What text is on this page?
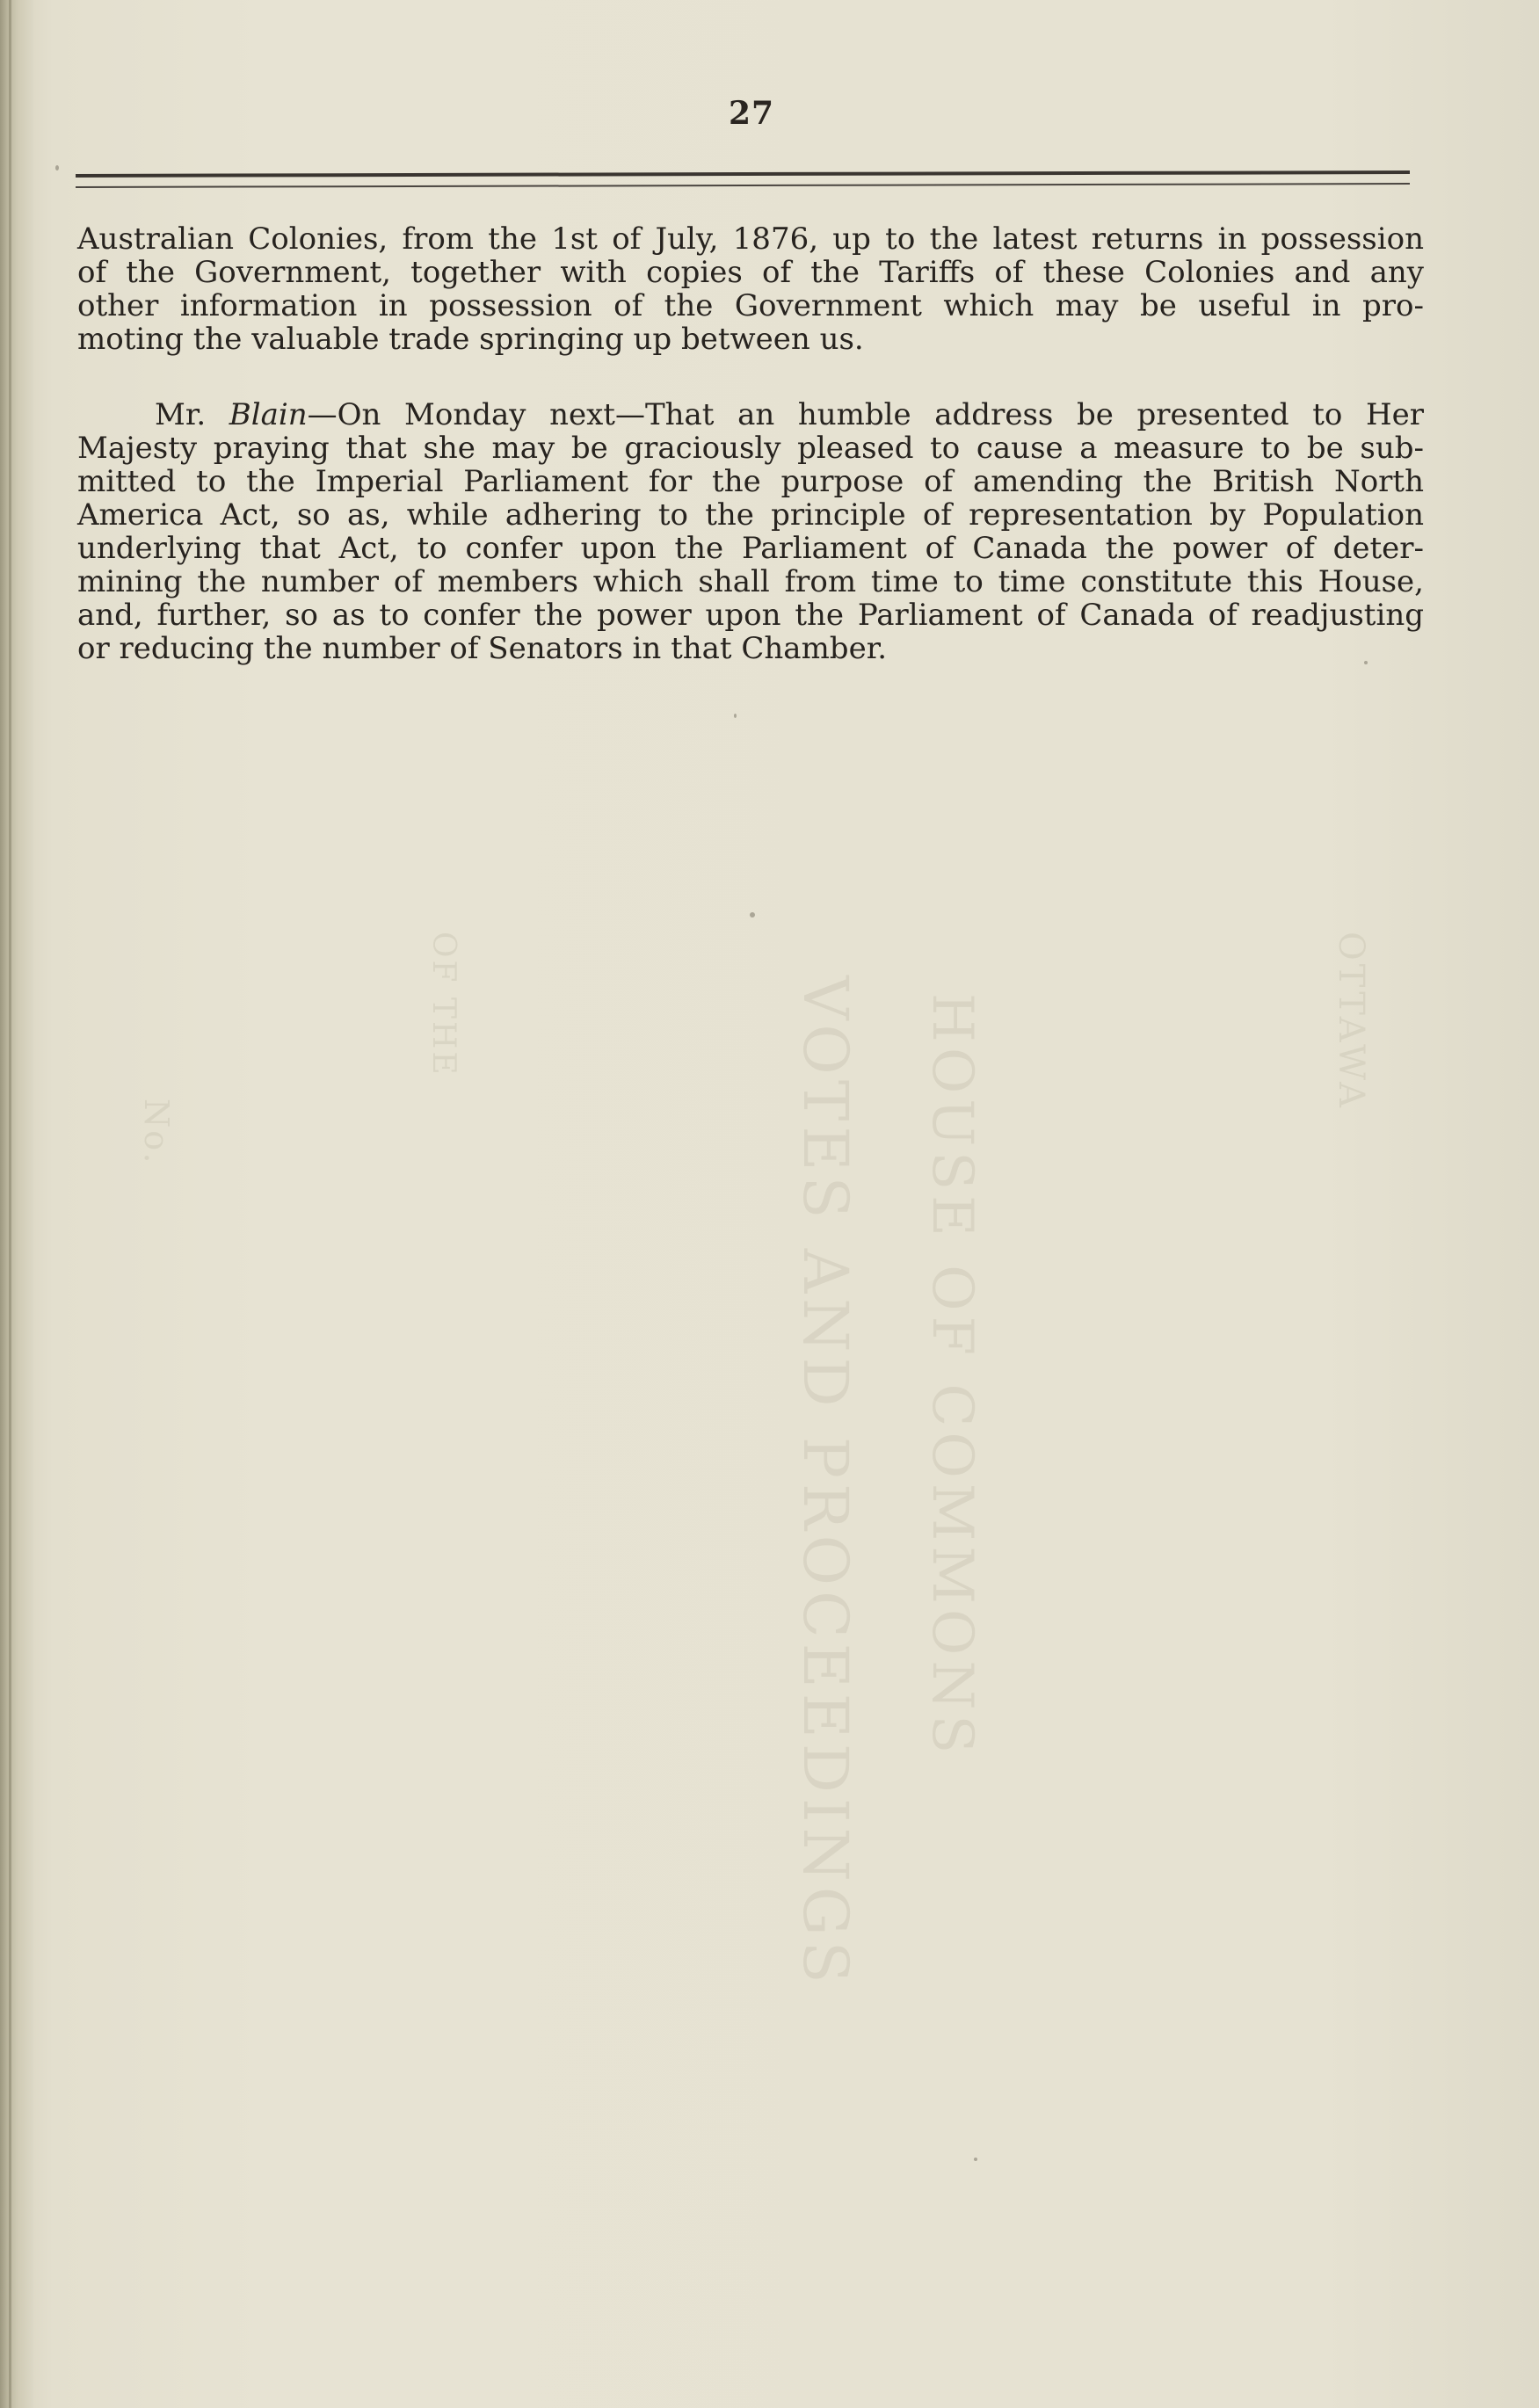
HOUSE OF COMMONS
VOTES AND PROCEEDINGS	OTTAWA
OF THE
No.
27
Australian Colonies, from the 1st of July, 1876, up to the latest returns in possession
of the Government, together with copies of the Tariffs of these Colonies and any
other information in possession of the Government which may be useful in pro-
moting the valuable trade springing up between us.
Mr. Blain—On Monday next—That an humble address be presented to Her
Majesty praying that she may be graciously pleased to cause a measure to be sub-
mitted to the Imperial Parliament for the purpose of amending the British North
America Act, so as, while adhering to the principle of representation by Population
underlying that Act, to confer upon the Parliament of Canada the power of deter-
mining the number of members which shall from time to time constitute this House,
and, further, so as to confer the power upon the Parliament of Canada of readjusting
or reducing the number of Senators in that Chamber.
